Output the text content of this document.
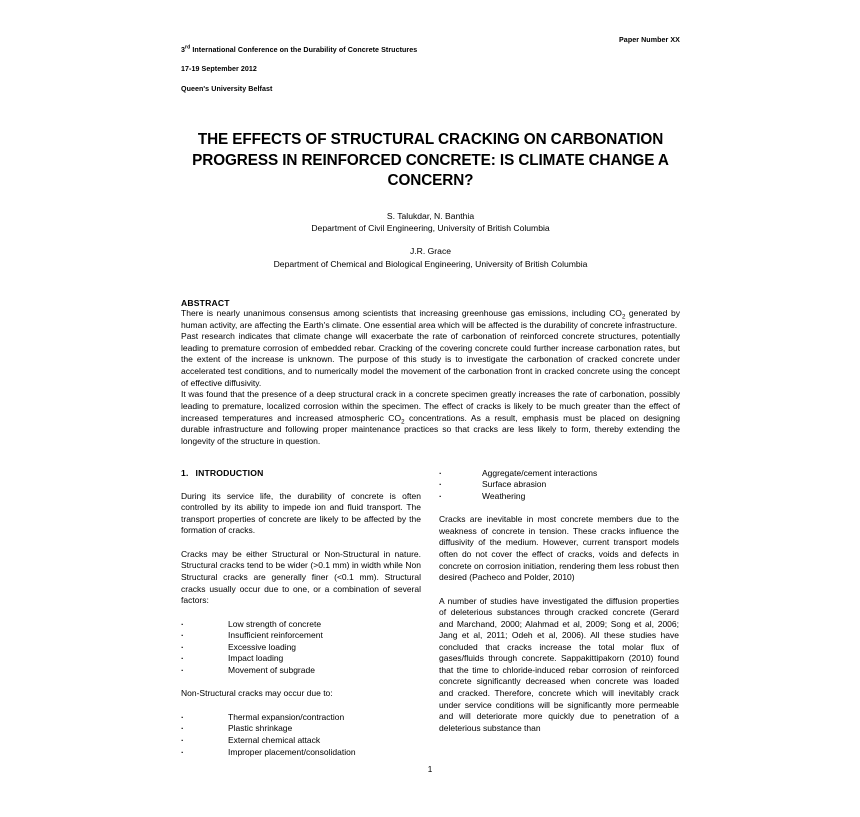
3rd International Conference on the Durability of Concrete Structures

17-19 September 2012

Queen's University Belfast

Paper Number XX
THE EFFECTS OF STRUCTURAL CRACKING ON CARBONATION PROGRESS IN REINFORCED CONCRETE: IS CLIMATE CHANGE A CONCERN?
S. Talukdar, N. Banthia
Department of Civil Engineering, University of British Columbia
J.R. Grace
Department of Chemical and Biological Engineering, University of British Columbia
ABSTRACT

There is nearly unanimous consensus among scientists that increasing greenhouse gas emissions, including $CO_2$ generated by human activity, are affecting the Earth's climate. One essential area which will be affected is the durability of concrete infrastructure.

Past research indicates that climate change will exacerbate the rate of carbonation of reinforced concrete structures, potentially leading to premature corrosion of embedded rebar. Cracking of the covering concrete could further increase carbonation rates, but the extent of the increase is unknown. The purpose of this study is to investigate the carbonation of cracked concrete under accelerated test conditions, and to numerically model the movement of the carbonation front in cracked concrete using the concept of effective diffusivity.

It was found that the presence of a deep structural crack in a concrete specimen greatly increases the rate of carbonation, possibly leading to premature, localized corrosion within the specimen. The effect of cracks is likely to be much greater than the effect of increased temperatures and increased atmospheric $CO_2$ concentrations. As a result, emphasis must be placed on designing durable infrastructure and following proper maintenance practices so that cracks are less likely to form, thereby extending the longevity of the structure in question.

1. INTRODUCTION

During its service life, the durability of concrete is often controlled by its ability to impede ion and fluid transport. The transport properties of concrete are likely to be affected by the formation of cracks.

Cracks may be either Structural or Non-Structural in nature. Structural cracks tend to be wider (>0.1 mm) in width while Non Structural cracks are generally finer (<0.1 mm). Structural cracks usually occur due to one, or a combination of several factors:

·
Low strength of concrete
·
Insufficient reinforcement
·
Excessive loading
·
Impact loading
·
Movement of subgrade

Non-Structural cracks may occur due to:

·
Thermal expansion/contraction
·
Plastic shrinkage
·
External chemical attack
·
Improper placement/consolidation
·
Aggregate/cement interactions
·
Surface abrasion
·
Weathering

Cracks are inevitable in most concrete members due to the weakness of concrete in tension. These cracks influence the diffusivity of the medium. However, current transport models often do not cover the effect of cracks, voids and defects in concrete on corrosion initiation, rendering them less robust then desired (Pacheco and Polder, 2010)

A number of studies have investigated the diffusion properties of deleterious substances through cracked concrete (Gerard and Marchand, 2000; Alahmad et al, 2009; Song et al, 2006; Jang et al, 2011; Odeh et al, 2006). All these studies have concluded that cracks increase the total molar flux of gases/fluids through concrete. Sappakittipakorn (2010) found that the time to chloride-induced rebar corrosion of reinforced concrete significantly decreased when concrete was loaded and cracked. Therefore, concrete which will inevitably crack under service conditions will be significantly more permeable and will deteriorate more quickly due to penetration of a deleterious substance than

1
